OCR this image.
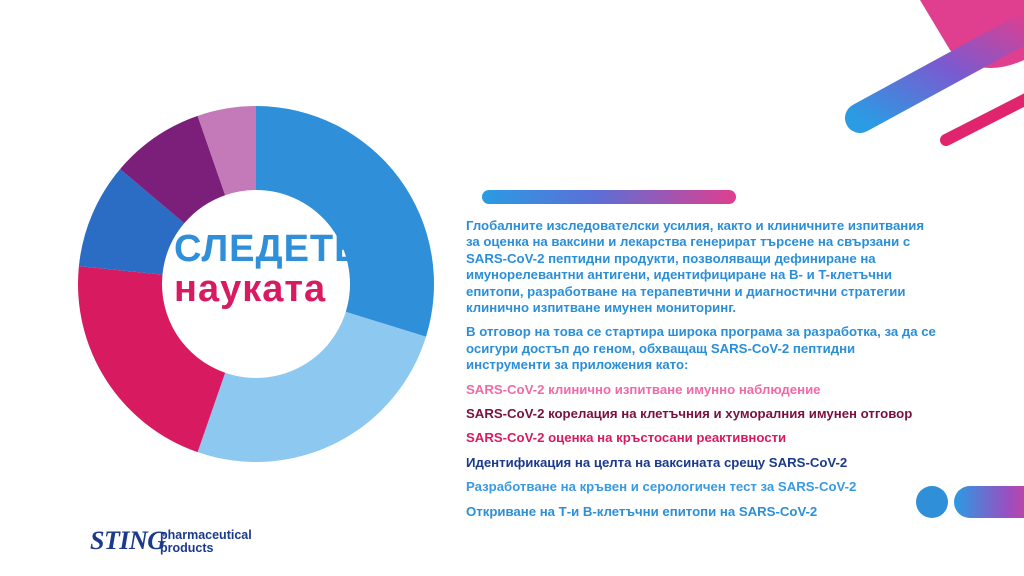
СЛЕДЕТЕ
науката

Глобалните изследователски усилия, както и клиничните изпитвания за оценка на ваксини и лекарства генерират търсене на свързани с SARS-CoV-2 пептидни продукти, позволяващи дефиниране на имунорелевантни антигени, идентифициране на B- и T-клетъчни епитопи, разработване на терапевтични и диагностични стратегии клинично изпитване имунен мониторинг.

В отговор на това се стартира широка програма за разработка, за да се осигури достъп до геном, обхващащ SARS-CoV-2 пептидни инструменти за приложения като:

SARS-CoV-2 клинично изпитване имунно наблюдение

SARS-CoV-2 корелация на клетъчния и хуморалния имунен отговор

SARS-CoV-2 оценка на кръстосани реактивности

Идентификация на целта на ваксината срещу SARS-CoV-2

Разработване на кръвен и серологичен тест за SARS-CoV-2

Откриване на Т-и В-клетъчни епитопи на SARS-CoV-2

STING
pharmaceutical
products
